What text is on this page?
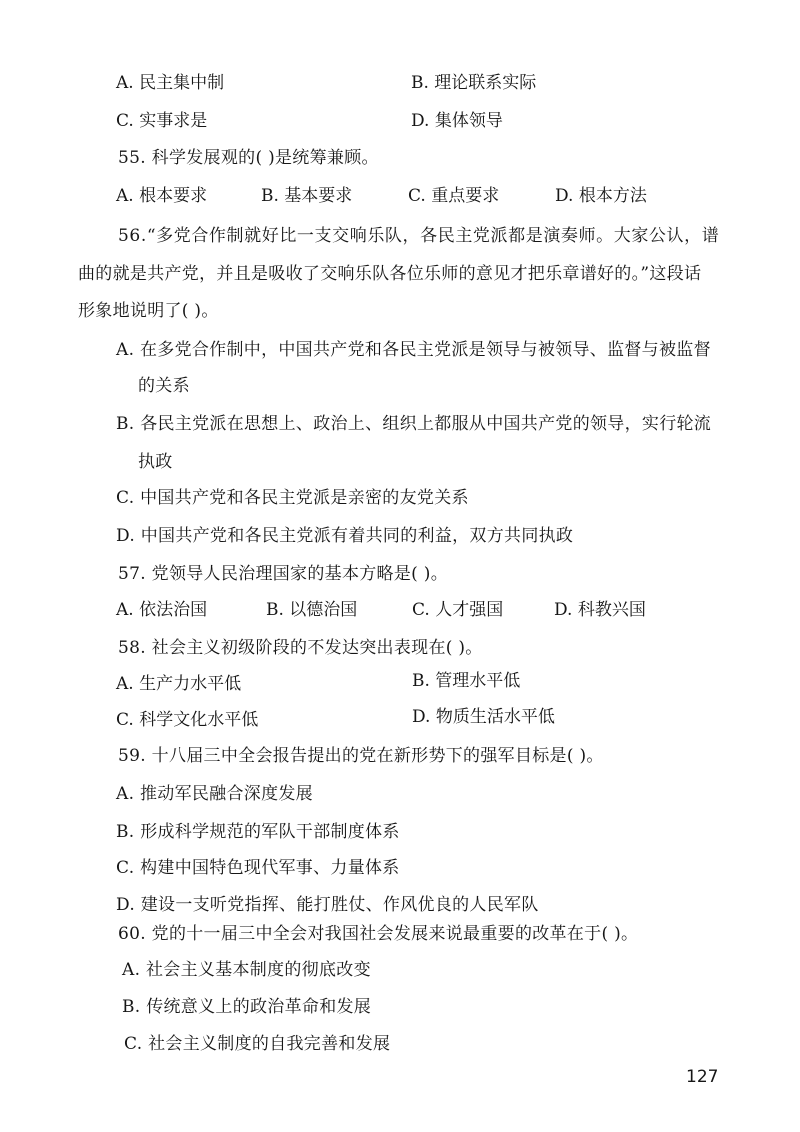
A. 民主集中制	B. 理论联系实际
C. 实事求是	D. 集体领导
55. 科学发展观的( )是统筹兼顾。
A. 根本要求	B. 基本要求	C. 重点要求	D. 根本方法
56.“多党合作制就好比一支交响乐队，各民主党派都是演奏师。大家公认，谱
曲的就是共产党，并且是吸收了交响乐队各位乐师的意见才把乐章谱好的。”这段话
形象地说明了( )。
A. 在多党合作制中，中国共产党和各民主党派是领导与被领导、监督与被监督
的关系
B. 各民主党派在思想上、政治上、组织上都服从中国共产党的领导，实行轮流
执政
C. 中国共产党和各民主党派是亲密的友党关系
D. 中国共产党和各民主党派有着共同的利益，双方共同执政
57. 党领导人民治理国家的基本方略是( )。
A. 依法治国	B. 以德治国	C. 人才强国	D. 科教兴国
58. 社会主义初级阶段的不发达突出表现在( )。
A. 生产力水平低	B. 管理水平低
C. 科学文化水平低	D. 物质生活水平低
59. 十八届三中全会报告提出的党在新形势下的强军目标是( )。
A. 推动军民融合深度发展
B. 形成科学规范的军队干部制度体系
C. 构建中国特色现代军事、力量体系
D. 建设一支听党指挥、能打胜仗、作风优良的人民军队
60. 党的十一届三中全会对我国社会发展来说最重要的改革在于( )。
A. 社会主义基本制度的彻底改变
B. 传统意义上的政治革命和发展
C. 社会主义制度的自我完善和发展
127
